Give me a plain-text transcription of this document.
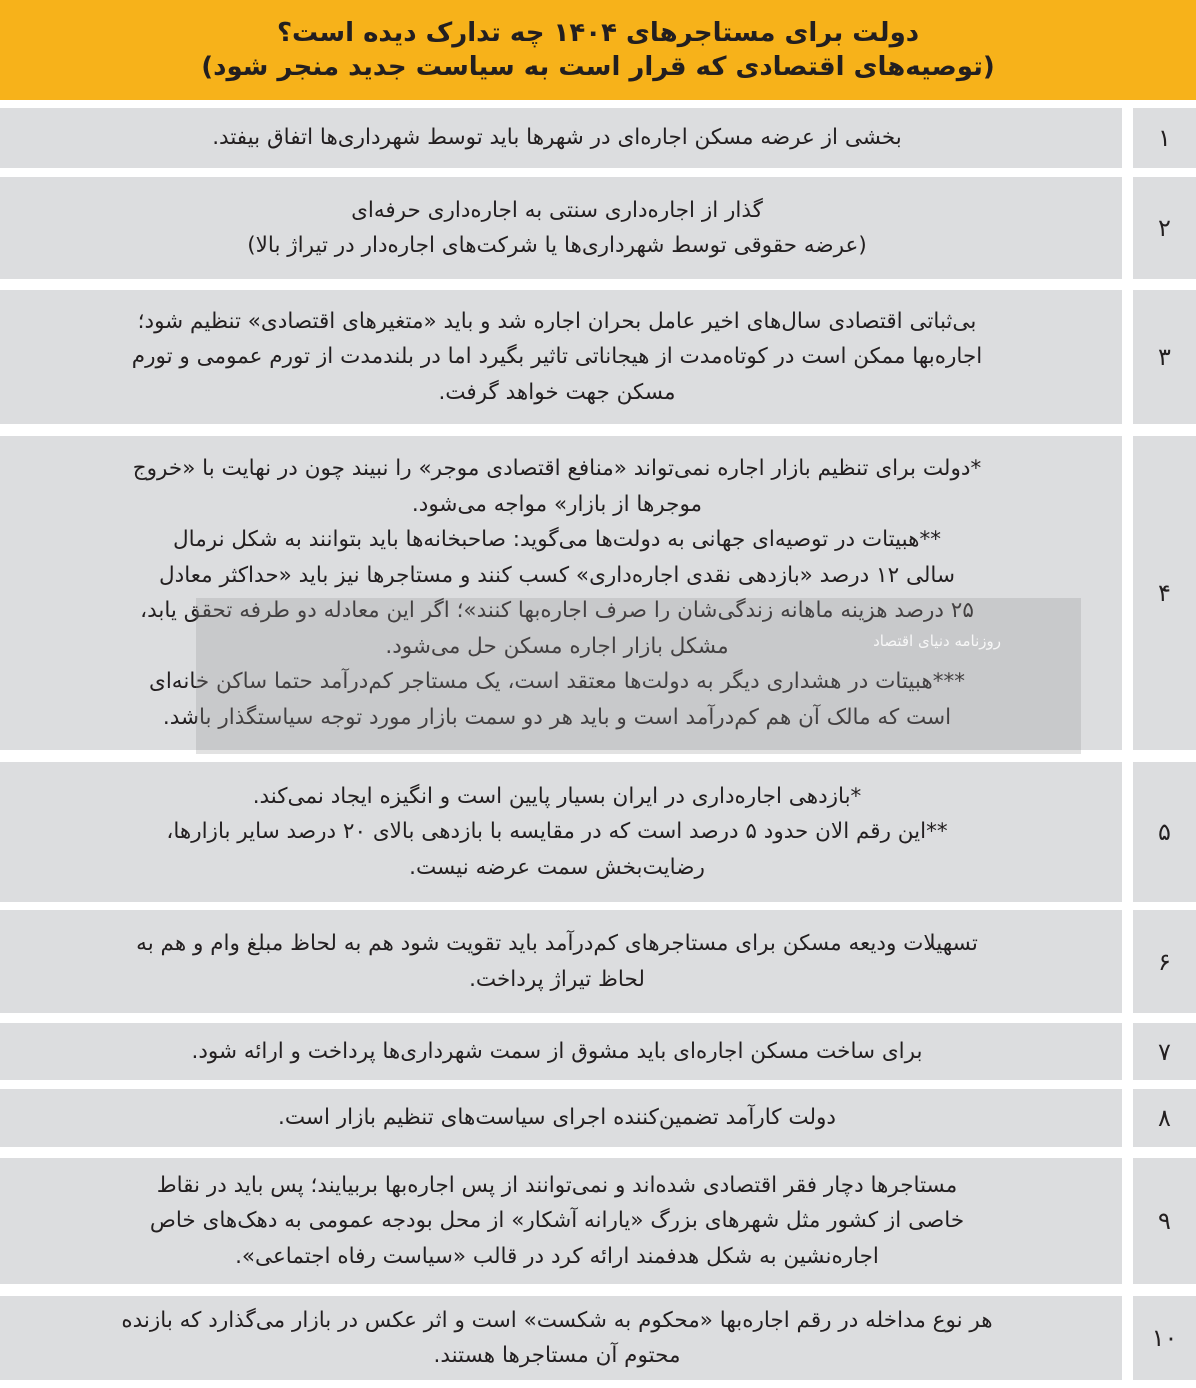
دولت برای مستاجرهای ۱۴۰۴ چه تدارک دیده است؟
(توصیه‌های اقتصادی که قرار است به سیاست جدید منجر شود)
بخشی از عرضه مسکن اجاره‌ای در شهرها باید توسط شهرداری‌ها اتفاق بیفتد.	۱
گذار از اجاره‌داری سنتی به اجاره‌داری حرفه‌ای
(عرضه حقوقی توسط شهرداری‌ها یا شرکت‌های اجاره‌دار در تیراژ بالا)
۲
بی‌ثباتی اقتصادی سال‌های اخیر عامل بحران اجاره شد و باید «متغیرهای اقتصادی» تنظیم شود؛
اجاره‌بها ممکن است در کوتاه‌مدت از هیجاناتی تاثیر بگیرد اما در بلندمدت از تورم عمومی و تورم
مسکن جهت خواهد گرفت.
۳
*دولت برای تنظیم بازار اجاره نمی‌تواند «منافع اقتصادی موجر» را نبیند چون در نهایت با «خروج
موجرها از بازار» مواجه می‌شود.
**هبیتات در توصیه‌ای جهانی به دولت‌ها می‌گوید: صاحبخانه‌ها باید بتوانند به شکل نرمال
سالی ۱۲ درصد «بازدهی نقدی اجاره‌داری» کسب کنند و مستاجرها نیز باید «حداکثر معادل
۲۵ درصد هزینه ماهانه زندگی‌شان را صرف اجاره‌بها کنند»؛ اگر این معادله دو طرفه تحقق یابد،
مشکل بازار اجاره مسکن حل می‌شود.
***هبیتات در هشداری دیگر به دولت‌ها معتقد است، یک مستاجر کم‌درآمد حتما ساکن خانه‌ای
است که مالک آن هم کم‌درآمد است و باید هر دو سمت بازار مورد توجه سیاستگذار باشد.
۴
*بازدهی اجاره‌داری در ایران بسیار پایین است و انگیزه ایجاد نمی‌کند.
**این رقم الان حدود ۵ درصد است که در مقایسه با بازدهی بالای ۲۰ درصد سایر بازارها،
رضایت‌بخش سمت عرضه نیست.
۵
تسهیلات ودیعه مسکن برای مستاجرهای کم‌درآمد باید تقویت شود هم به لحاظ مبلغ وام و هم به
لحاظ تیراژ پرداخت.
۶
برای ساخت مسکن اجاره‌ای باید مشوق از سمت شهرداری‌ها پرداخت و ارائه شود.	۷
دولت کارآمد تضمین‌کننده اجرای سیاست‌های تنظیم بازار است.	۸
مستاجرها دچار فقر اقتصادی شده‌اند و نمی‌توانند از پس اجاره‌بها بربیایند؛ پس باید در نقاط
خاصی از کشور مثل شهرهای بزرگ «یارانه آشکار» از محل بودجه عمومی به دهک‌های خاص
اجاره‌نشین به شکل هدفمند ارائه کرد در قالب «سیاست رفاه اجتماعی».
۹
هر نوع مداخله در رقم اجاره‌بها «محکوم به شکست» است و اثر عکس در بازار می‌گذارد که بازنده
محتوم آن مستاجرها هستند.
۱۰
روزنامه دنیای اقتصاد
